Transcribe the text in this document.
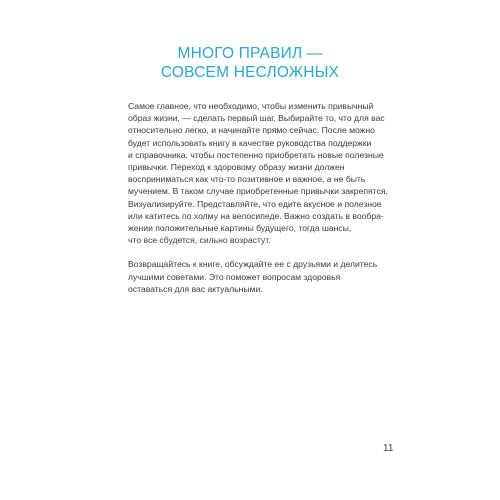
МНОГО ПРАВИЛ —
СОВСЕМ НЕСЛОЖНЫХ

Самое главное, что необходимо, чтобы изменить привычный
образ жизни, — сделать первый шаг. Выбирайте то, что для вас
относительно легко, и начинайте прямо сейчас. После можно
будет использовать книгу в качестве руководства поддержки
и справочника, чтобы постепенно приобретать новые полезные
привычки. Переход к здоровому образу жизни должен
восприниматься как что-то позитивное и важное, а не быть
мучением. В таком случае приобретенные привычки закрепятся.
Визуализируйте. Представляйте, что едите вкусное и полезное
или катитесь по холму на велосипеде. Важно создать в вообра-
жении положительные картины будущего, тогда шансы,
что все сбудется, сильно возрастут.

Возвращайтесь к книге, обсуждайте ее с друзьями и делитесь
лучшими советами. Это поможет вопросам здоровья
оставаться для вас актуальными.

11
